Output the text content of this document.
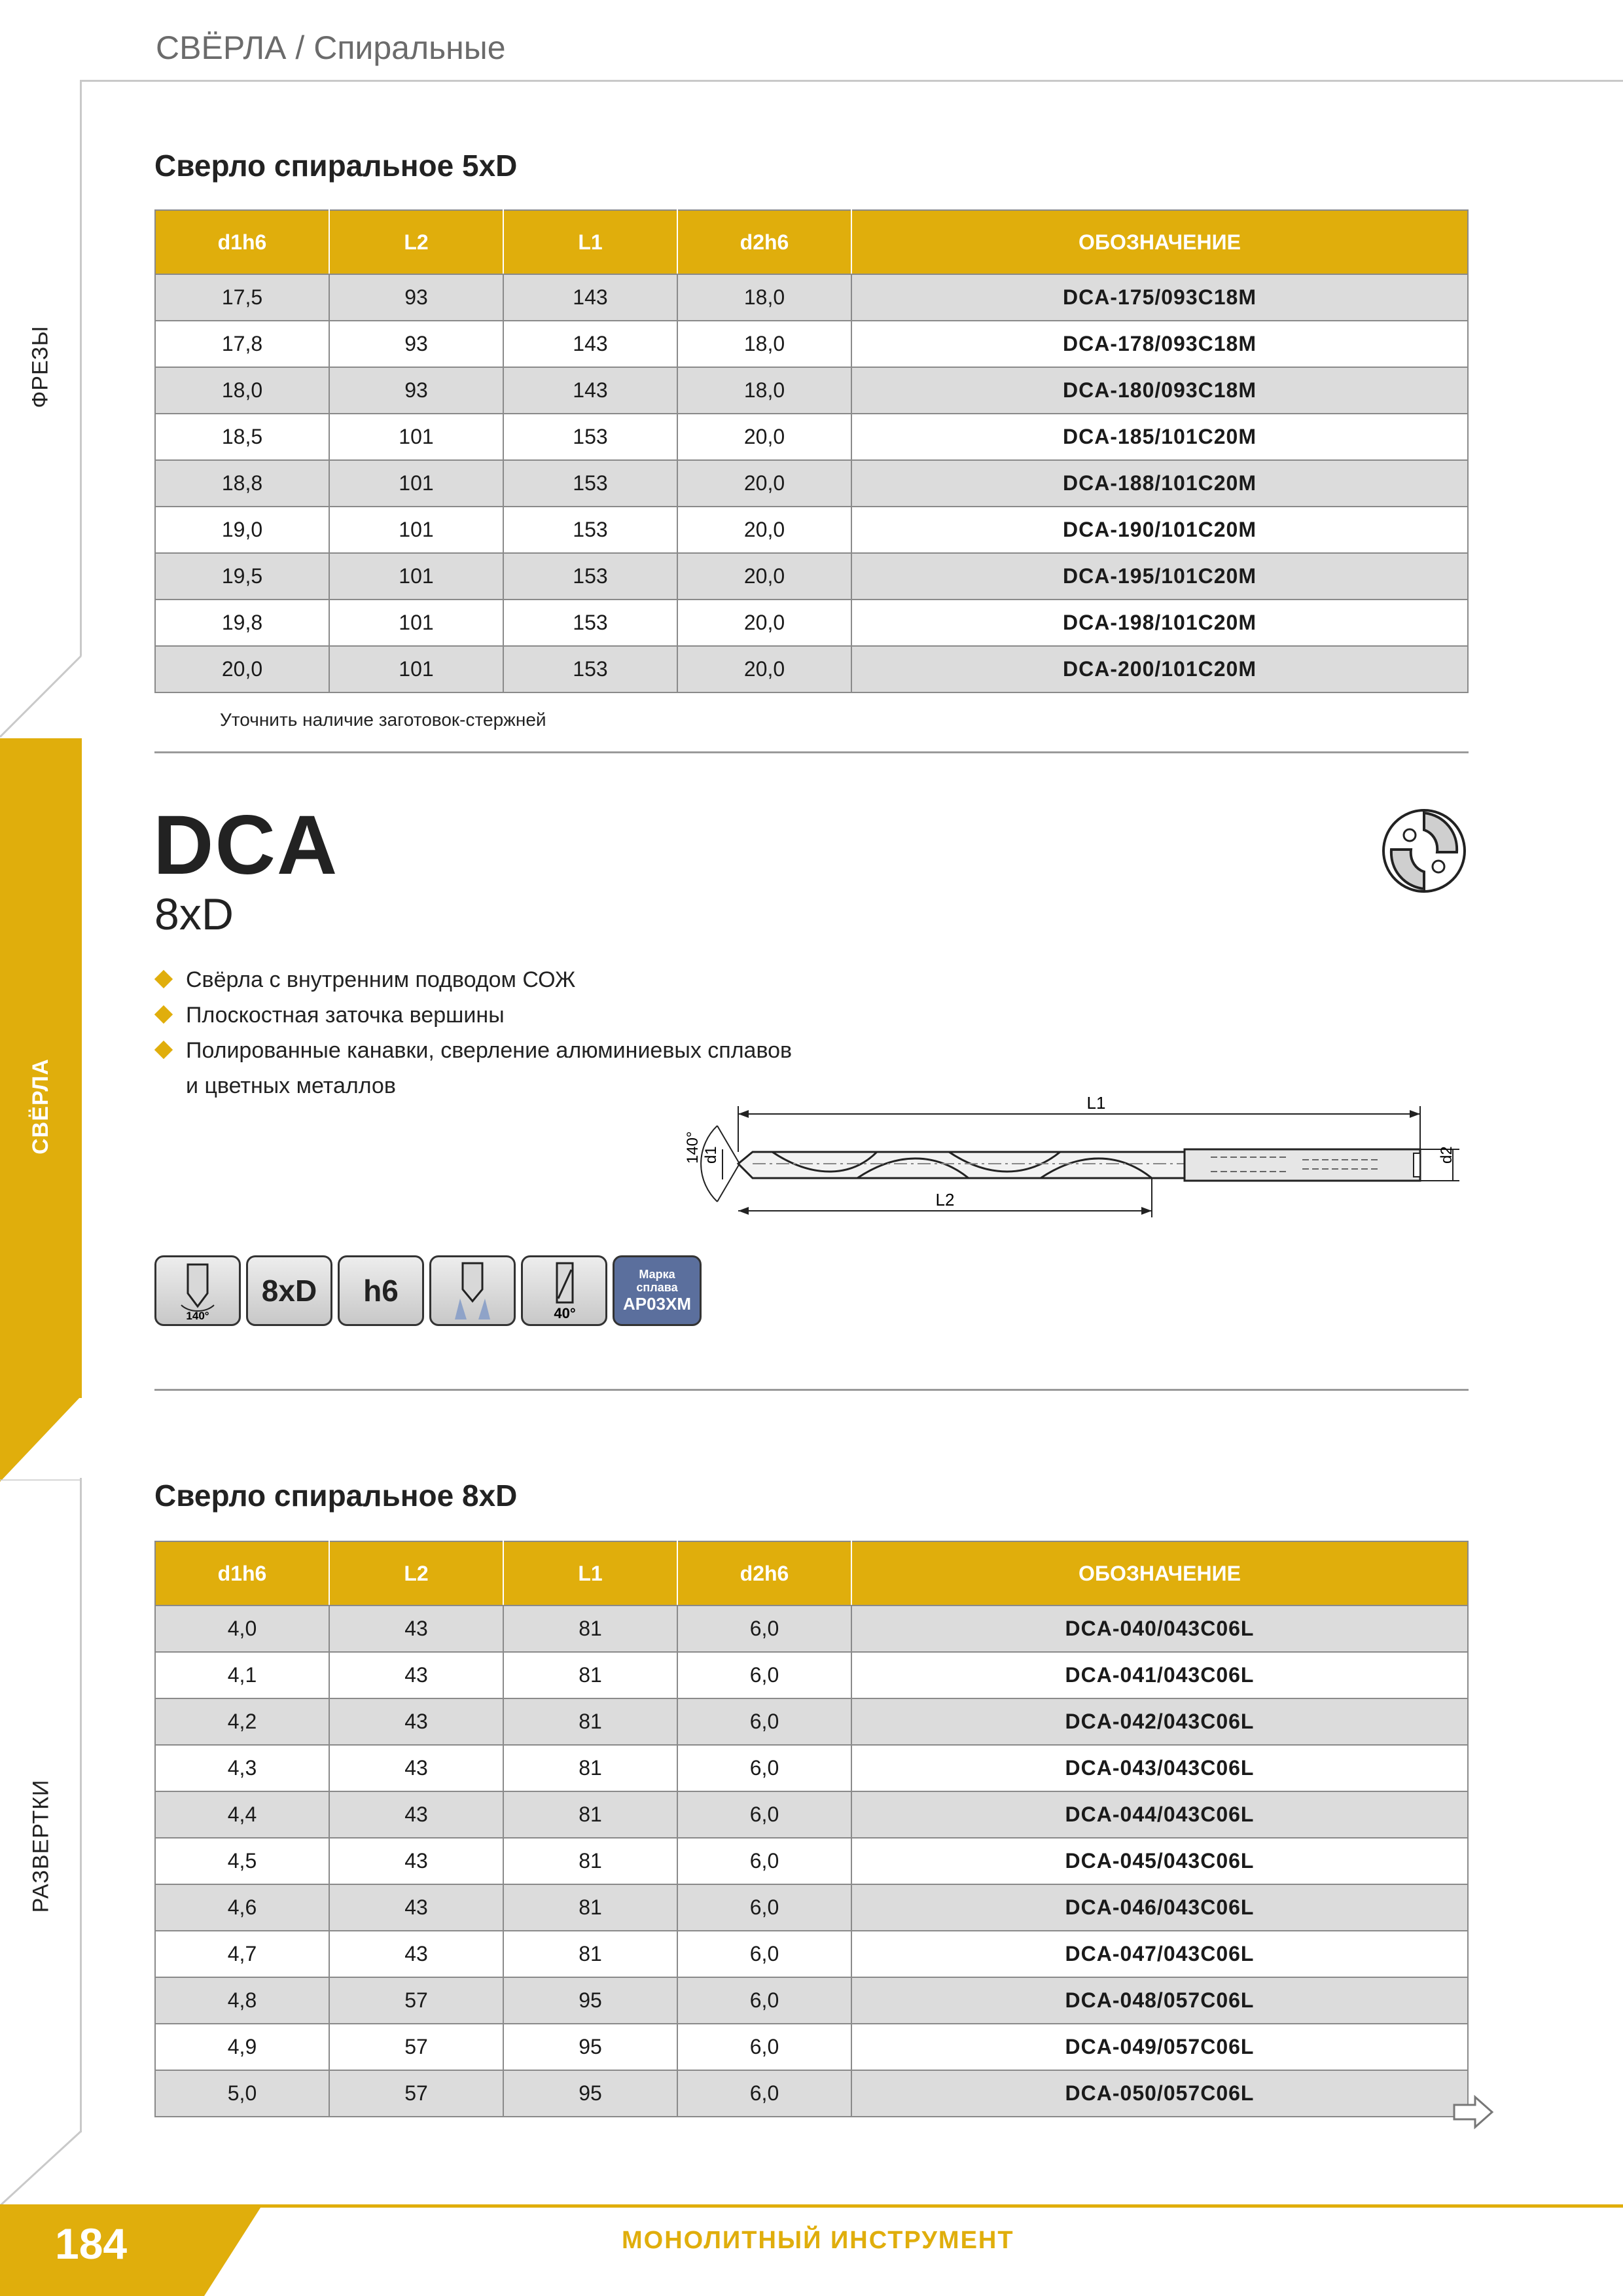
ФРЕЗЫ
СВЁРЛА
РАЗВЕРТКИ
СВЁРЛА / Спиральные
Сверло спиральное 5xD
d1h6	L2	L1	d2h6	ОБОЗНАЧЕНИЕ
17,5	93	143	18,0	DCA-175/093C18M
17,8	93	143	18,0	DCA-178/093C18M
18,0	93	143	18,0	DCA-180/093C18M
18,5	101	153	20,0	DCA-185/101C20M
18,8	101	153	20,0	DCA-188/101C20M
19,0	101	153	20,0	DCA-190/101C20M
19,5	101	153	20,0	DCA-195/101C20M
19,8	101	153	20,0	DCA-198/101C20M
20,0	101	153	20,0	DCA-200/101C20M
Уточнить наличие заготовок-стержней
DCA
8xD
Свёрла с внутренним подводом СОЖ
Плоскостная заточка вершины
Полированные канавки, сверление алюминиевых сплавов
и цветных металлов
L1
d1
140°
L2
d2
140°
8xD h6
40°
Марка
сплава
АР03ХМ
Сверло спиральное 8xD
d1h6	L2	L1	d2h6	ОБОЗНАЧЕНИЕ
4,0	43	81	6,0	DCA-040/043C06L
4,1	43	81	6,0	DCA-041/043C06L
4,2	43	81	6,0	DCA-042/043C06L
4,3	43	81	6,0	DCA-043/043C06L
4,4	43	81	6,0	DCA-044/043C06L
4,5	43	81	6,0	DCA-045/043C06L
4,6	43	81	6,0	DCA-046/043C06L
4,7	43	81	6,0	DCA-047/043C06L
4,8	57	95	6,0	DCA-048/057C06L
4,9	57	95	6,0	DCA-049/057C06L
5,0	57	95	6,0	DCA-050/057C06L
184	МОНОЛИТНЫЙ ИНСТРУМЕНТ
